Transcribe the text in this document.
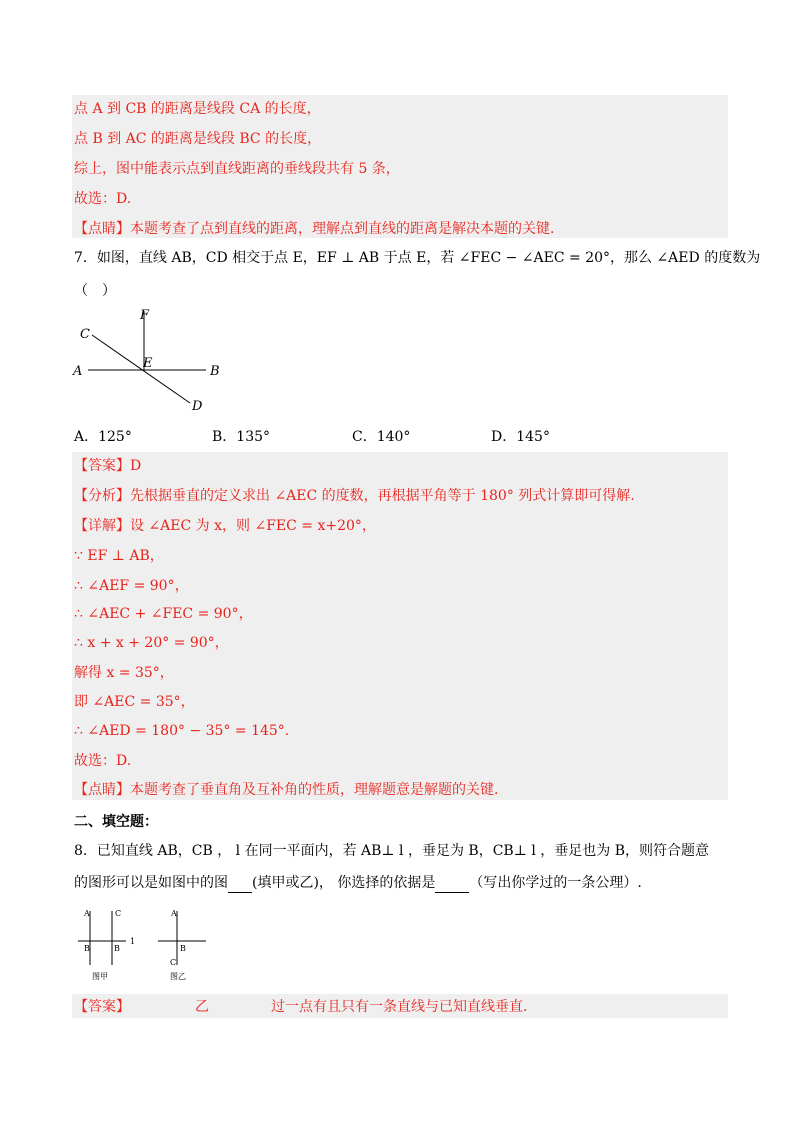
点 A 到 CB 的距离是线段 CA 的长度，
点 B 到 AC 的距离是线段 BC 的长度，
综上，图中能表示点到直线距离的垂线段共有 5 条，
故选：D.
【点睛】本题考查了点到直线的距离，理解点到直线的距离是解决本题的关键.
7．如图，直线 AB，CD 相交于点 E，EF ⊥ AB 于点 E，若 ∠FEC − ∠AEC = 20°，那么 ∠AED 的度数为
（　）
F
C
E
A	B
D
A．125°	B．135°	C．140°	D．145°
【答案】D
【分析】先根据垂直的定义求出 ∠AEC 的度数，再根据平角等于 180° 列式计算即可得解.
【详解】设 ∠AEC 为 x，则 ∠FEC = x+20°，
∵ EF ⊥ AB，
∴ ∠AEF = 90°，
∴ ∠AEC + ∠FEC = 90°，
∴ x + x + 20° = 90°，
解得 x = 35°，
即 ∠AEC = 35°，
∴ ∠AED = 180° − 35° = 145°.
故选：D.
【点睛】本题考查了垂直角及互补角的性质，理解题意是解题的关键.
二、填空题：
8．已知直线 AB，CB ， l 在同一平面内，若 AB⊥ l ，垂足为 B，CB⊥ l ，垂足也为 B，则符合题意
的图形可以是如图中的图 (填甲或乙)， 你选择的依据是 （写出你学过的一条公理）.
A	C
B	B
1
图甲
A
B
C
图乙
【答案】	乙	过一点有且只有一条直线与已知直线垂直.
